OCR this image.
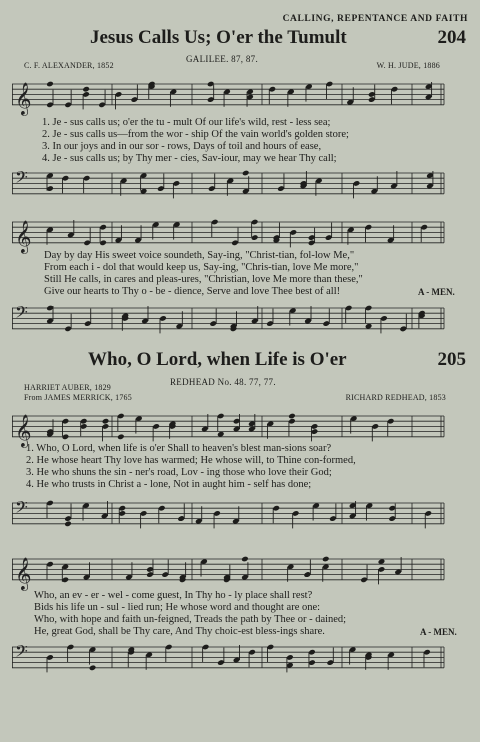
CALLING, REPENTANCE AND FAITH
Jesus Calls Us; O'er the Tumult	204
GALILEE. 87, 87.
C. F. ALEXANDER, 1852	W. H. JUDE, 1886
𝄞
1. Je - sus calls us; o'er the tu - mult Of our life's wild, rest - less sea;
2. Je - sus calls us—from the wor - ship Of the vain world's golden store;
3. In our joys and in our sor - rows, Days of toil and hours of ease,
4. Je - sus calls us; by Thy mer - cies, Sav-iour, may we hear Thy call;
𝄢
𝄞
Day by day His sweet voice soundeth, Say-ing, "Christ-tian, fol-low Me,"
From each i - dol that would keep us, Say-ing, "Chris-tian, love Me more,"
Still He calls, in cares and pleas-ures, "Christian, love Me more than these,"
Give our hearts to Thy o - be - dience, Serve and love Thee best of all!	A - MEN.
𝄢
Who, O Lord, when Life is O'er	205
REDHEAD No. 48. 77, 77.
HARRIET AUBER, 1829
From JAMES MERRICK, 1765	RICHARD REDHEAD, 1853
𝄞
1. Who, O Lord, when life is o'er Shall to heaven's blest man-sions soar?
2. He whose heart Thy love has warmed; He whose will, to Thine con-formed,
3. He who shuns the sin - ner's road, Lov - ing those who love their God;
4. He who trusts in Christ a - lone, Not in aught him - self has done;
𝄢
𝄞
Who, an ev - er - wel - come guest, In Thy ho - ly place shall rest?
Bids his life un - sul - lied run; He whose word and thought are one:
Who, with hope and faith un-feigned, Treads the path by Thee or - dained;
He, great God, shall be Thy care, And Thy choic-est bless-ings share.	A - MEN.
𝄢
